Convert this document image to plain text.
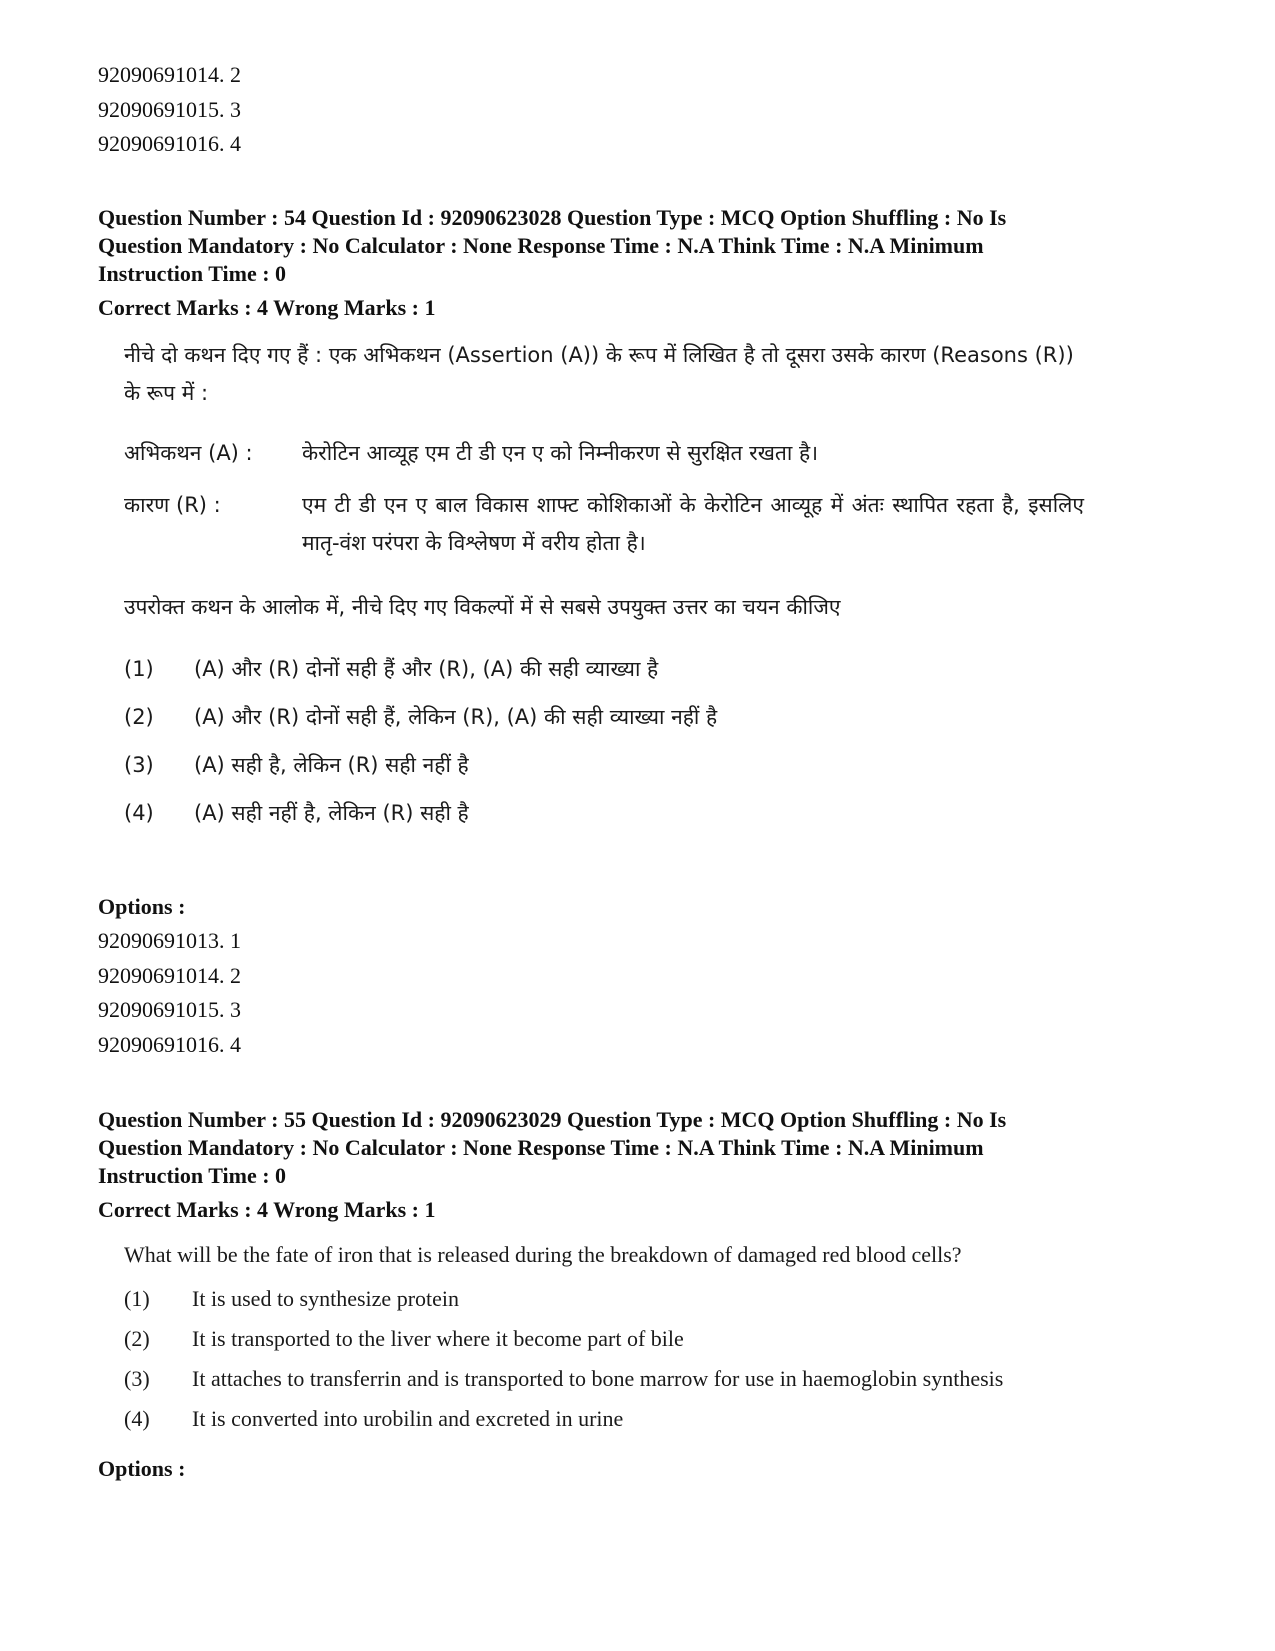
92090691014. 2

92090691015. 3

92090691016. 4

Question Number : 54 Question Id : 92090623028 Question Type : MCQ Option Shuffling : No Is

Question Mandatory : No Calculator : None Response Time : N.A Think Time : N.A Minimum

Instruction Time : 0

Correct Marks : 4 Wrong Marks : 1

नीचे दो कथन दिए गए हैं : एक अभिकथन (Assertion (A)) के रूप में लिखित है तो दूसरा उसके कारण (Reasons (R)) के रूप में :

अभिकथन (A) :	केरोटिन आव्यूह एम टी डी एन ए को निम्नीकरण से सुरक्षित रखता है।
कारण (R) :	एम टी डी एन ए बाल विकास शाफ्ट कोशिकाओं के केरोटिन आव्यूह में अंतः स्थापित रहता है, इसलिए मातृ-वंश परंपरा के विश्लेषण में वरीय होता है।
उपरोक्त कथन के आलोक में, नीचे दिए गए विकल्पों में से सबसे उपयुक्त उत्तर का चयन कीजिए
(1)	(A) और (R) दोनों सही हैं और (R), (A) की सही व्याख्या है
(2)	(A) और (R) दोनों सही हैं, लेकिन (R), (A) की सही व्याख्या नहीं है
(3)	(A) सही है, लेकिन (R) सही नहीं है
(4)	(A) सही नहीं है, लेकिन (R) सही है
Options :

92090691013. 1

92090691014. 2

92090691015. 3

92090691016. 4

Question Number : 55 Question Id : 92090623029 Question Type : MCQ Option Shuffling : No Is

Question Mandatory : No Calculator : None Response Time : N.A Think Time : N.A Minimum

Instruction Time : 0

Correct Marks : 4 Wrong Marks : 1

What will be the fate of iron that is released during the breakdown of damaged red blood cells?

(1)	It is used to synthesize protein
(2)	It is transported to the liver where it become part of bile
(3)	It attaches to transferrin and is transported to bone marrow for use in haemoglobin synthesis
(4)	It is converted into urobilin and excreted in urine
Options :
